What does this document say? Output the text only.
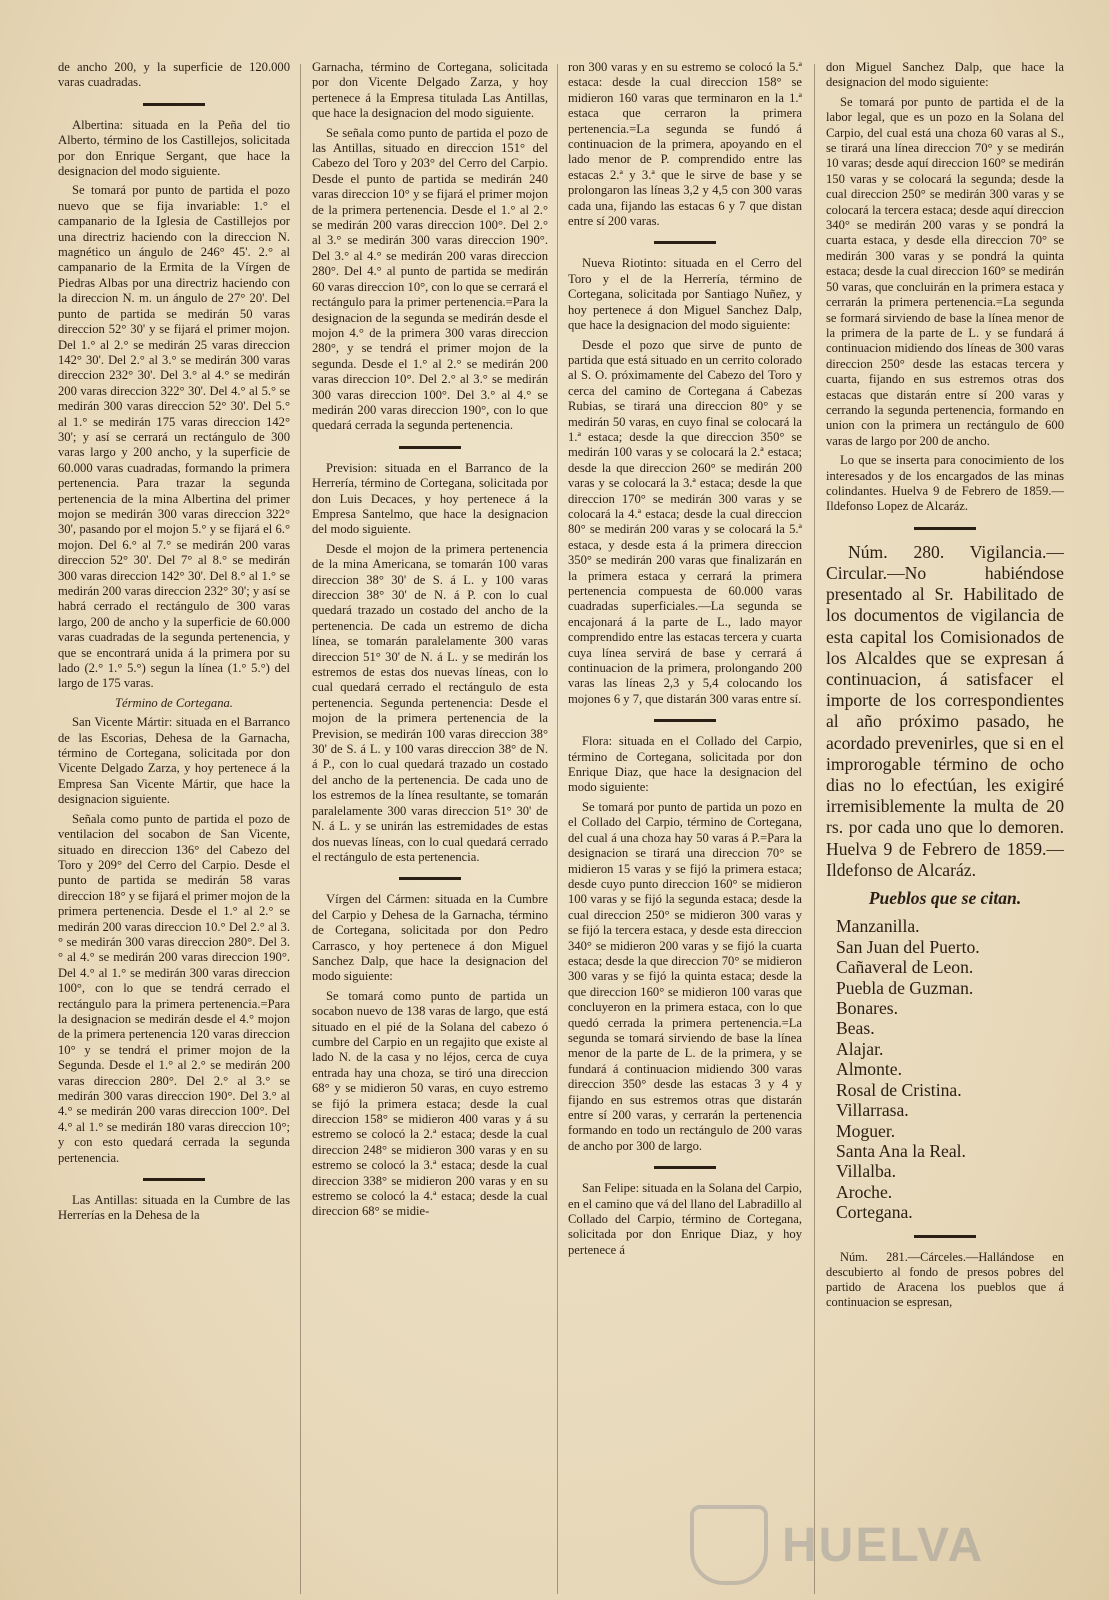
de ancho 200, y la superficie de 120.000 varas cuadradas.

Albertina: situada en la Peña del tio Alberto, término de los Castillejos, solicitada por don Enrique Sergant, que hace la designacion del modo siguiente.

Se tomará por punto de partida el pozo nuevo que se fija invariable: 1.° el campanario de la Iglesia de Castillejos por una directriz haciendo con la direccion N. magnético un ángulo de 246° 45'. 2.° al campanario de la Ermita de la Vírgen de Piedras Albas por una directriz haciendo con la direccion N. m. un ángulo de 27° 20'. Del punto de partida se medirán 50 varas direccion 52° 30' y se fijará el primer mojon. Del 1.° al 2.° se medirán 25 varas direccion 142° 30'. Del 2.° al 3.° se medirán 300 varas direccion 232° 30'. Del 3.° al 4.° se medirán 200 varas direccion 322° 30'. Del 4.° al 5.° se medirán 300 varas direccion 52° 30'. Del 5.° al 1.° se medirán 175 varas direccion 142° 30'; y así se cerrará un rectángulo de 300 varas largo y 200 ancho, y la superficie de 60.000 varas cuadradas, formando la primera pertenencia. Para trazar la segunda pertenencia de la mina Albertina del primer mojon se medirán 300 varas direccion 322° 30', pasando por el mojon 5.° y se fijará el 6.° mojon. Del 6.° al 7.° se medirán 200 varas direccion 52° 30'. Del 7° al 8.° se medirán 300 varas direccion 142° 30'. Del 8.° al 1.° se medirán 200 varas direccion 232° 30'; y así se habrá cerrado el rectángulo de 300 varas largo, 200 de ancho y la superficie de 60.000 varas cuadradas de la segunda pertenencia, y que se encontrará unida á la primera por su lado (2.° 1.° 5.°) segun la línea (1.° 5.°) del largo de 175 varas.

Término de Cortegana.

San Vicente Mártir: situada en el Barranco de las Escorias, Dehesa de la Garnacha, término de Cortegana, solicitada por don Vicente Delgado Zarza, y hoy pertenece á la Empresa San Vicente Mártir, que hace la designacion siguiente.

Señala como punto de partida el pozo de ventilacion del socabon de San Vicente, situado en direccion 136° del Cabezo del Toro y 209° del Cerro del Carpio. Desde el punto de partida se medirán 58 varas direccion 18° y se fijará el primer mojon de la primera pertenencia. Desde el 1.° al 2.° se medirán 200 varas direccion 10.° Del 2.° al 3.° se medirán 300 varas direccion 280°. Del 3.° al 4.° se medirán 200 varas direccion 190°. Del 4.° al 1.° se medirán 300 varas direccion 100°, con lo que se tendrá cerrado el rectángulo para la primera pertenencia.=Para la designacion se medirán desde el 4.° mojon de la primera pertenencia 120 varas direccion 10° y se tendrá el primer mojon de la Segunda. Desde el 1.° al 2.° se medirán 200 varas direccion 280°. Del 2.° al 3.° se medirán 300 varas direccion 190°. Del 3.° al 4.° se medirán 200 varas direccion 100°. Del 4.° al 1.° se medirán 180 varas direccion 10°; y con esto quedará cerrada la segunda pertenencia.

Las Antillas: situada en la Cumbre de las Herrerías en la Dehesa de la

Garnacha, término de Cortegana, solicitada por don Vicente Delgado Zarza, y hoy pertenece á la Empresa titulada Las Antillas, que hace la designacion del modo siguiente.

Se señala como punto de partida el pozo de las Antillas, situado en direccion 151° del Cabezo del Toro y 203° del Cerro del Carpio. Desde el punto de partida se medirán 240 varas direccion 10° y se fijará el primer mojon de la primera pertenencia. Desde el 1.° al 2.° se medirán 200 varas direccion 100°. Del 2.° al 3.° se medirán 300 varas direccion 190°. Del 3.° al 4.° se medirán 200 varas direccion 280°. Del 4.° al punto de partida se medirán 60 varas direccion 10°, con lo que se cerrará el rectángulo para la primer pertenencia.=Para la designacion de la segunda se medirán desde el mojon 4.° de la primera 300 varas direccion 280°, y se tendrá el primer mojon de la segunda. Desde el 1.° al 2.° se medirán 200 varas direccion 10°. Del 2.° al 3.° se medirán 300 varas direccion 100°. Del 3.° al 4.° se medirán 200 varas direccion 190°, con lo que quedará cerrada la segunda pertenencia.

Prevision: situada en el Barranco de la Herrería, término de Cortegana, solicitada por don Luis Decaces, y hoy pertenece á la Empresa Santelmo, que hace la designacion del modo siguiente.

Desde el mojon de la primera pertenencia de la mina Americana, se tomarán 100 varas direccion 38° 30' de S. á L. y 100 varas direccion 38° 30' de N. á P. con lo cual quedará trazado un costado del ancho de la pertenencia. De cada un estremo de dicha línea, se tomarán paralelamente 300 varas direccion 51° 30' de N. á L. y se medirán los estremos de estas dos nuevas líneas, con lo cual quedará cerrado el rectángulo de esta pertenencia. Segunda pertenencia: Desde el mojon de la primera pertenencia de la Prevision, se medirán 100 varas direccion 38° 30' de S. á L. y 100 varas direccion 38° de N. á P., con lo cual quedará trazado un costado del ancho de la pertenencia. De cada uno de los estremos de la línea resultante, se tomarán paralelamente 300 varas direccion 51° 30' de N. á L. y se unirán las estremidades de estas dos nuevas líneas, con lo cual quedará cerrado el rectángulo de esta pertenencia.

Vírgen del Cármen: situada en la Cumbre del Carpio y Dehesa de la Garnacha, término de Cortegana, solicitada por don Pedro Carrasco, y hoy pertenece á don Miguel Sanchez Dalp, que hace la designacion del modo siguiente:

Se tomará como punto de partida un socabon nuevo de 138 varas de largo, que está situado en el pié de la Solana del cabezo ó cumbre del Carpio en un regajito que existe al lado N. de la casa y no léjos, cerca de cuya entrada hay una choza, se tiró una direccion 68° y se midieron 50 varas, en cuyo estremo se fijó la primera estaca; desde la cual direccion 158° se midieron 400 varas y á su estremo se colocó la 2.ª estaca; desde la cual direccion 248° se midieron 300 varas y en su estremo se colocó la 3.ª estaca; desde la cual direccion 338° se midieron 200 varas y en su estremo se colocó la 4.ª estaca; desde la cual direccion 68° se midie-

ron 300 varas y en su estremo se colocó la 5.ª estaca: desde la cual direccion 158° se midieron 160 varas que terminaron en la 1.ª estaca que cerraron la primera pertenencia.=La segunda se fundó á continuacion de la primera, apoyando en el lado menor de P. comprendido entre las estacas 2.ª y 3.ª que le sirve de base y se prolongaron las líneas 3,2 y 4,5 con 300 varas cada una, fijando las estacas 6 y 7 que distan entre sí 200 varas.

Nueva Riotinto: situada en el Cerro del Toro y el de la Herrería, término de Cortegana, solicitada por Santiago Nuñez, y hoy pertenece á don Miguel Sanchez Dalp, que hace la designacion del modo siguiente:

Desde el pozo que sirve de punto de partida que está situado en un cerrito colorado al S. O. próximamente del Cabezo del Toro y cerca del camino de Cortegana á Cabezas Rubias, se tirará una direccion 80° y se medirán 50 varas, en cuyo final se colocará la 1.ª estaca; desde la que direccion 350° se medirán 100 varas y se colocará la 2.ª estaca; desde la que direccion 260° se medirán 200 varas y se colocará la 3.ª estaca; desde la que direccion 170° se medirán 300 varas y se colocará la 4.ª estaca; desde la cual direccion 80° se medirán 200 varas y se colocará la 5.ª estaca, y desde esta á la primera direccion 350° se medirán 200 varas que finalizarán en la primera estaca y cerrará la primera pertenencia compuesta de 60.000 varas cuadradas superficiales.—La segunda se encajonará á la parte de L., lado mayor comprendido entre las estacas tercera y cuarta cuya línea servirá de base y cerrará á continuacion de la primera, prolongando 200 varas las líneas 2,3 y 5,4 colocando los mojones 6 y 7, que distarán 300 varas entre sí.

Flora: situada en el Collado del Carpio, término de Cortegana, solicitada por don Enrique Diaz, que hace la designacion del modo siguiente:

Se tomará por punto de partida un pozo en el Collado del Carpio, término de Cortegana, del cual á una choza hay 50 varas á P.=Para la designacion se tirará una direccion 70° se midieron 15 varas y se fijó la primera estaca; desde cuyo punto direccion 160° se midieron 100 varas y se fijó la segunda estaca; desde la cual direccion 250° se midieron 300 varas y se fijó la tercera estaca, y desde esta direccion 340° se midieron 200 varas y se fijó la cuarta estaca; desde la que direccion 70° se midieron 300 varas y se fijó la quinta estaca; desde la que direccion 160° se midieron 100 varas que concluyeron en la primera estaca, con lo que quedó cerrada la primera pertenencia.=La segunda se tomará sirviendo de base la línea menor de la parte de L. de la primera, y se fundará á continuacion midiendo 300 varas direccion 350° desde las estacas 3 y 4 y fijando en sus estremos otras que distarán entre sí 200 varas, y cerrarán la pertenencia formando en todo un rectángulo de 200 varas de ancho por 300 de largo.

San Felipe: situada en la Solana del Carpio, en el camino que vá del llano del Labradillo al Collado del Carpio, término de Cortegana, solicitada por don Enrique Diaz, y hoy pertenece á

don Miguel Sanchez Dalp, que hace la designacion del modo siguiente:

Se tomará por punto de partida el de la labor legal, que es un pozo en la Solana del Carpio, del cual está una choza 60 varas al S., se tirará una línea direccion 70° y se medirán 10 varas; desde aquí direccion 160° se medirán 150 varas y se colocará la segunda; desde la cual direccion 250° se medirán 300 varas y se colocará la tercera estaca; desde aquí direccion 340° se medirán 200 varas y se pondrá la cuarta estaca, y desde ella direccion 70° se medirán 300 varas y se pondrá la quinta estaca; desde la cual direccion 160° se medirán 50 varas, que concluirán en la primera estaca y cerrarán la primera pertenencia.=La segunda se formará sirviendo de base la línea menor de la primera de la parte de L. y se fundará á continuacion midiendo dos líneas de 300 varas direccion 250° desde las estacas tercera y cuarta, fijando en sus estremos otras dos estacas que distarán entre sí 200 varas y cerrando la segunda pertenencia, formando en union con la primera un rectángulo de 600 varas de largo por 200 de ancho.

Lo que se inserta para conocimiento de los interesados y de los encargados de las minas colindantes. Huelva 9 de Febrero de 1859.—Ildefonso Lopez de Alcaráz.

Núm. 280. Vigilancia.—Circular.—No habiéndose presentado al Sr. Habilitado de los documentos de vigilancia de esta capital los Comisionados de los Alcaldes que se expresan á continuacion, á satisfacer el importe de los correspondientes al año próximo pasado, he acordado prevenirles, que si en el improrogable término de ocho dias no lo efectúan, les exigiré irremisiblemente la multa de 20 rs. por cada uno que lo demoren. Huelva 9 de Febrero de 1859.—Ildefonso de Alcaráz.

Pueblos que se citan.
Manzanilla.
San Juan del Puerto.
Cañaveral de Leon.
Puebla de Guzman.
Bonares.
Beas.
Alajar.
Almonte.
Rosal de Cristina.
Villarrasa.
Moguer.
Santa Ana la Real.
Villalba.
Aroche.
Cortegana.

Núm. 281.—Cárceles.—Hallándose en descubierto al fondo de presos pobres del partido de Aracena los pueblos que á continuacion se espresan,

HUELVA
